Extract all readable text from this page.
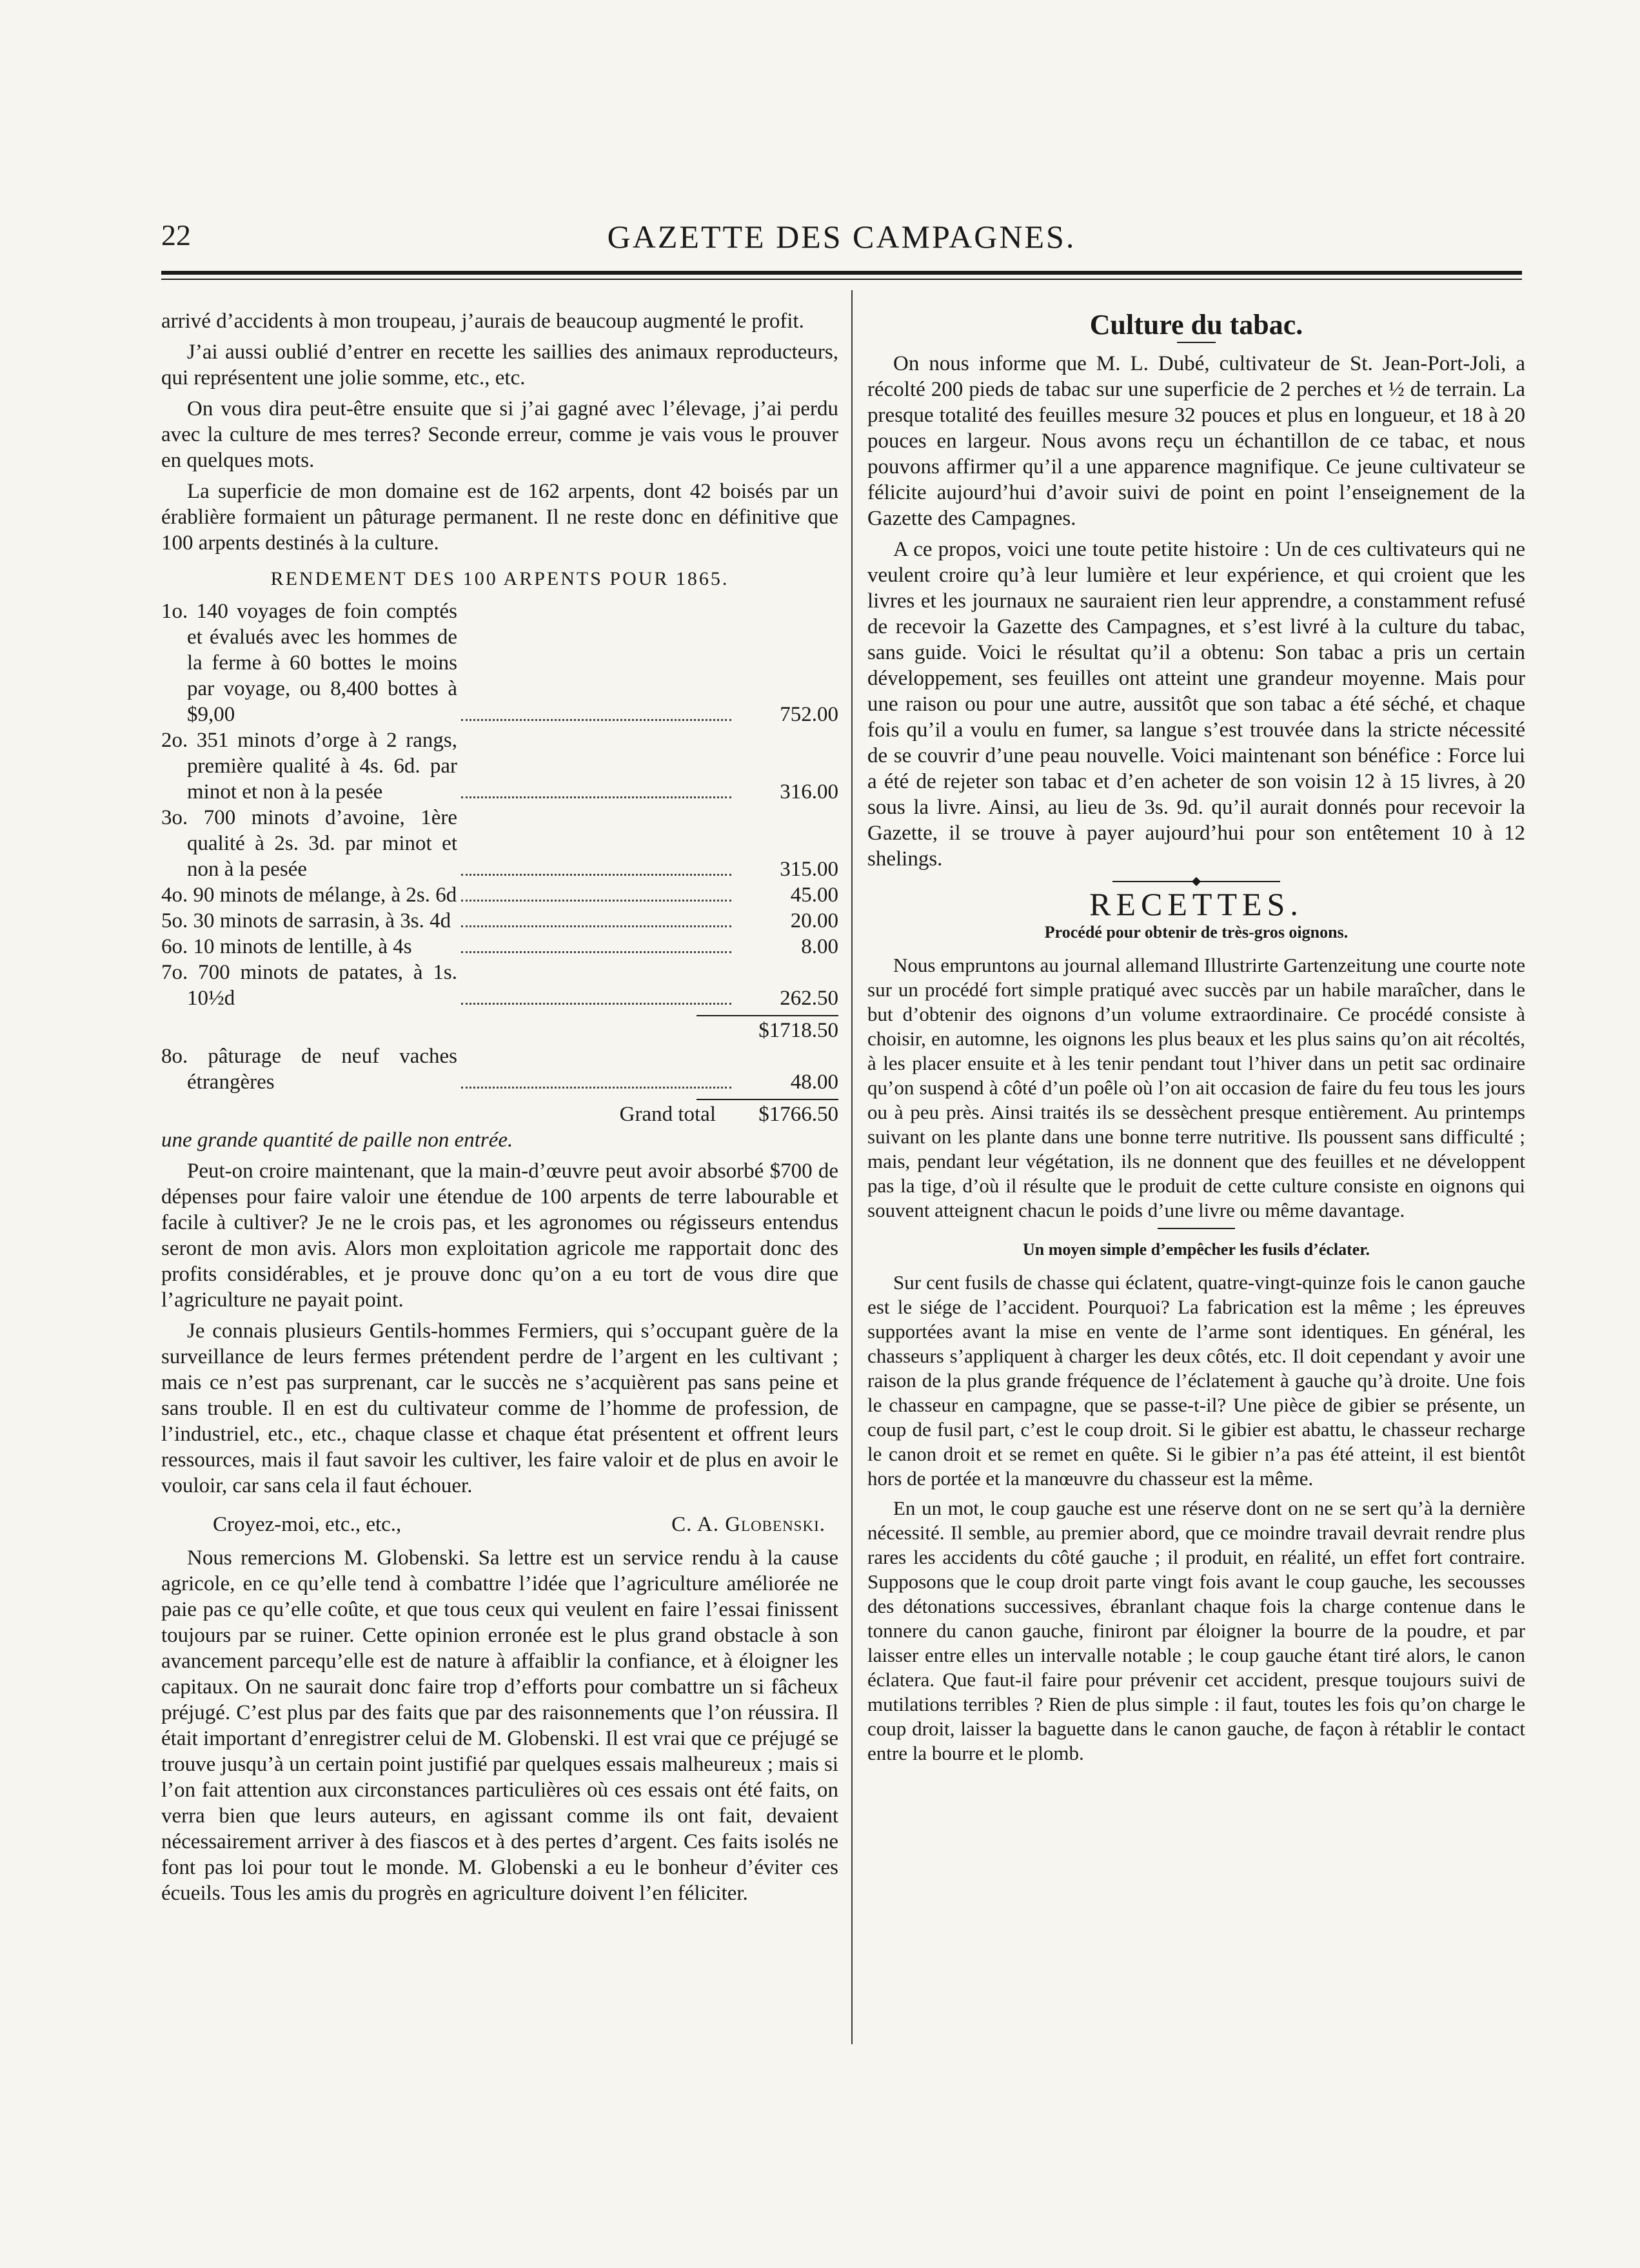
22	GAZETTE DES CAMPAGNES.

arrivé d’accidents à mon troupeau, j’aurais de beaucoup augmenté le profit.

J’ai aussi oublié d’entrer en recette les saillies des animaux reproducteurs, qui représentent une jolie somme, etc., etc.

On vous dira peut-être ensuite que si j’ai gagné avec l’élevage, j’ai perdu avec la culture de mes terres? Seconde erreur, comme je vais vous le prouver en quelques mots.

La superficie de mon domaine est de 162 arpents, dont 42 boisés par un érablière formaient un pâturage permanent. Il ne reste donc en définitive que 100 arpents destinés à la culture.

RENDEMENT DES 100 ARPENTS POUR 1865.
1o. 140 voyages de foin comptés et évalués avec les hommes de la ferme à 60 bottes le moins par voyage, ou 8,400 bottes à $9,00	752.00
2o. 351 minots d’orge à 2 rangs, première qualité à 4s. 6d. par minot et non à la pesée	316.00
3o. 700 minots d’avoine, 1ère qualité à 2s. 3d. par minot et non à la pesée	315.00
4o. 90 minots de mélange, à 2s. 6d	45.00
5o. 30 minots de sarrasin, à 3s. 4d	20.00
6o. 10 minots de lentille, à 4s	8.00
7o. 700 minots de patates, à 1s. 10½d	262.50
$1718.50
8o. pâturage de neuf vaches étrangères	48.00
Grand total	$1766.50

une grande quantité de paille non entrée.

Peut-on croire maintenant, que la main-d’œuvre peut avoir absorbé $700 de dépenses pour faire valoir une étendue de 100 arpents de terre labourable et facile à cultiver? Je ne le crois pas, et les agronomes ou régisseurs entendus seront de mon avis. Alors mon exploitation agricole me rapportait donc des profits considérables, et je prouve donc qu’on a eu tort de vous dire que l’agriculture ne payait point.

Je connais plusieurs Gentils-hommes Fermiers, qui s’occupant guère de la surveillance de leurs fermes prétendent perdre de l’argent en les cultivant ; mais ce n’est pas surprenant, car le succès ne s’acquièrent pas sans peine et sans trouble. Il en est du cultivateur comme de l’homme de profession, de l’industriel, etc., etc., chaque classe et chaque état présentent et offrent leurs ressources, mais il faut savoir les cultiver, les faire valoir et de plus en avoir le vouloir, car sans cela il faut échouer.

Croyez-moi, etc., etc.,	C. A. Globenski.

Nous remercions M. Globenski. Sa lettre est un service rendu à la cause agricole, en ce qu’elle tend à combattre l’idée que l’agriculture améliorée ne paie pas ce qu’elle coûte, et que tous ceux qui veulent en faire l’essai finissent toujours par se ruiner. Cette opinion erronée est le plus grand obstacle à son avancement parcequ’elle est de nature à affaiblir la confiance, et à éloigner les capitaux. On ne saurait donc faire trop d’efforts pour combattre un si fâcheux préjugé. C’est plus par des faits que par des raisonnements que l’on réussira. Il était important d’enregistrer celui de M. Globenski. Il est vrai que ce préjugé se trouve jusqu’à un certain point justifié par quelques essais malheureux ; mais si l’on fait attention aux circonstances particulières où ces essais ont été faits, on verra bien que leurs auteurs, en agissant comme ils ont fait, devaient nécessairement arriver à des fiascos et à des pertes d’argent. Ces faits isolés ne font pas loi pour tout le monde. M. Globenski a eu le bonheur d’éviter ces écueils. Tous les amis du progrès en agriculture doivent l’en féliciter.

Culture du tabac.

On nous informe que M. L. Dubé, cultivateur de St. Jean-Port-Joli, a récolté 200 pieds de tabac sur une superficie de 2 perches et ½ de terrain. La presque totalité des feuilles mesure 32 pouces et plus en longueur, et 18 à 20 pouces en largeur. Nous avons reçu un échantillon de ce tabac, et nous pouvons affirmer qu’il a une apparence magnifique. Ce jeune cultivateur se félicite aujourd’hui d’avoir suivi de point en point l’enseignement de la Gazette des Campagnes.

A ce propos, voici une toute petite histoire : Un de ces cultivateurs qui ne veulent croire qu’à leur lumière et leur expérience, et qui croient que les livres et les journaux ne sauraient rien leur apprendre, a constamment refusé de recevoir la Gazette des Campagnes, et s’est livré à la culture du tabac, sans guide. Voici le résultat qu’il a obtenu: Son tabac a pris un certain développement, ses feuilles ont atteint une grandeur moyenne. Mais pour une raison ou pour une autre, aussitôt que son tabac a été séché, et chaque fois qu’il a voulu en fumer, sa langue s’est trouvée dans la stricte nécessité de se couvrir d’une peau nouvelle. Voici maintenant son bénéfice : Force lui a été de rejeter son tabac et d’en acheter de son voisin 12 à 15 livres, à 20 sous la livre. Ainsi, au lieu de 3s. 9d. qu’il aurait donnés pour recevoir la Gazette, il se trouve à payer aujourd’hui pour son entêtement 10 à 12 shelings.

RECETTES.
Procédé pour obtenir de très-gros oignons.

Nous empruntons au journal allemand Illustrirte Gartenzeitung une courte note sur un procédé fort simple pratiqué avec succès par un habile maraîcher, dans le but d’obtenir des oignons d’un volume extraordinaire. Ce procédé consiste à choisir, en automne, les oignons les plus beaux et les plus sains qu’on ait récoltés, à les placer ensuite et à les tenir pendant tout l’hiver dans un petit sac ordinaire qu’on suspend à côté d’un poêle où l’on ait occasion de faire du feu tous les jours ou à peu près. Ainsi traités ils se dessèchent presque entièrement. Au printemps suivant on les plante dans une bonne terre nutritive. Ils poussent sans difficulté ; mais, pendant leur végétation, ils ne donnent que des feuilles et ne développent pas la tige, d’où il résulte que le produit de cette culture consiste en oignons qui souvent atteignent chacun le poids d’une livre ou même davantage.

Un moyen simple d’empêcher les fusils d’éclater.

Sur cent fusils de chasse qui éclatent, quatre-vingt-quinze fois le canon gauche est le siége de l’accident. Pourquoi? La fabrication est la même ; les épreuves supportées avant la mise en vente de l’arme sont identiques. En général, les chasseurs s’appliquent à charger les deux côtés, etc. Il doit cependant y avoir une raison de la plus grande fréquence de l’éclatement à gauche qu’à droite. Une fois le chasseur en campagne, que se passe-t-il? Une pièce de gibier se présente, un coup de fusil part, c’est le coup droit. Si le gibier est abattu, le chasseur recharge le canon droit et se remet en quête. Si le gibier n’a pas été atteint, il est bientôt hors de portée et la manœuvre du chasseur est la même.

En un mot, le coup gauche est une réserve dont on ne se sert qu’à la dernière nécessité. Il semble, au premier abord, que ce moindre travail devrait rendre plus rares les accidents du côté gauche ; il produit, en réalité, un effet fort contraire. Supposons que le coup droit parte vingt fois avant le coup gauche, les secousses des détonations successives, ébranlant chaque fois la charge contenue dans le tonnere du canon gauche, finiront par éloigner la bourre de la poudre, et par laisser entre elles un intervalle notable ; le coup gauche étant tiré alors, le canon éclatera. Que faut-il faire pour prévenir cet accident, presque toujours suivi de mutilations terribles ? Rien de plus simple : il faut, toutes les fois qu’on charge le coup droit, laisser la baguette dans le canon gauche, de façon à rétablir le contact entre la bourre et le plomb.
